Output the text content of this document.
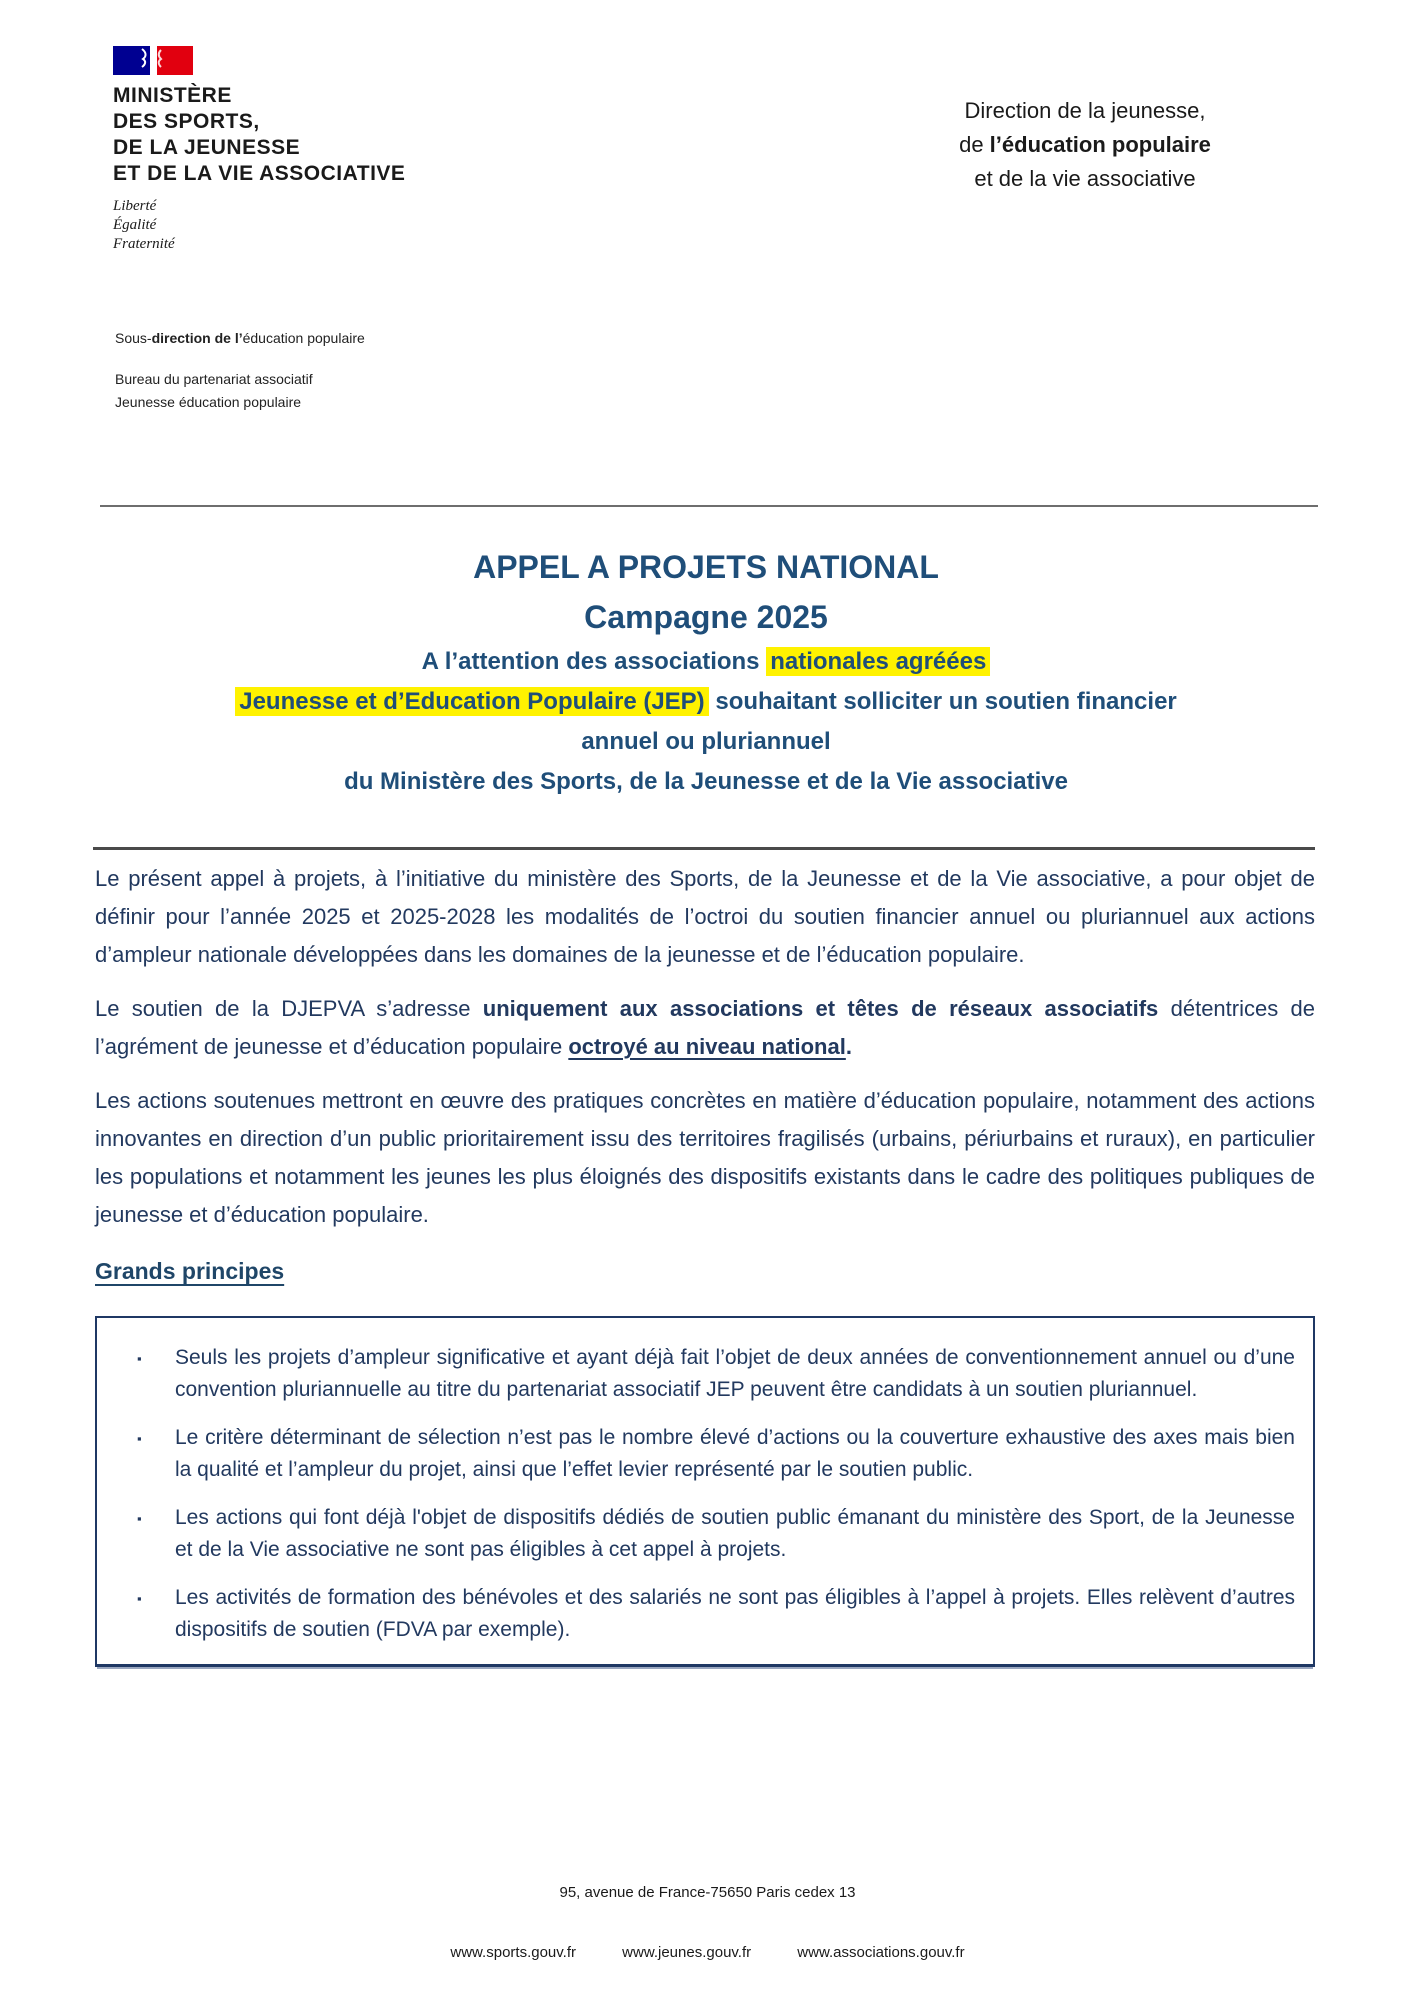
MINISTÈRE
DES SPORTS,
DE LA JEUNESSE
ET DE LA VIE ASSOCIATIVE
Liberté
Égalité
Fraternité
Direction de la jeunesse,
de l’éducation populaire
et de la vie associative
Sous-direction de l’éducation populaire
Bureau du partenariat associatif
Jeunesse éducation populaire
APPEL A PROJETS NATIONAL
Campagne 2025
A l’attention des associations nationales agréées
Jeunesse et d’Education Populaire (JEP) souhaitant solliciter un soutien financier
annuel ou pluriannuel
du Ministère des Sports, de la Jeunesse et de la Vie associative

Le présent appel à projets, à l’initiative du ministère des Sports, de la Jeunesse et de la Vie associative, a pour objet de définir pour l’année 2025 et 2025-2028 les modalités de l’octroi du soutien financier annuel ou pluriannuel aux actions d’ampleur nationale développées dans les domaines de la jeunesse et de l’éducation populaire.

Le soutien de la DJEPVA s’adresse uniquement aux associations et têtes de réseaux associatifs détentrices de l’agrément de jeunesse et d’éducation populaire octroyé au niveau national.

Les actions soutenues mettront en œuvre des pratiques concrètes en matière d’éducation populaire, notamment des actions innovantes en direction d’un public prioritairement issu des territoires fragilisés (urbains, périurbains et ruraux), en particulier les populations et notamment les jeunes les plus éloignés des dispositifs existants dans le cadre des politiques publiques de jeunesse et d’éducation populaire.

Grands principes
▪	Seuls les projets d’ampleur significative et ayant déjà fait l’objet de deux années de conventionnement annuel ou d’une convention pluriannuelle au titre du partenariat associatif JEP peuvent être candidats à un soutien pluriannuel.
▪	Le critère déterminant de sélection n’est pas le nombre élevé d’actions ou la couverture exhaustive des axes mais bien la qualité et l’ampleur du projet, ainsi que l’effet levier représenté par le soutien public.
▪	Les actions qui font déjà l'objet de dispositifs dédiés de soutien public émanant du ministère des Sport, de la Jeunesse et de la Vie associative ne sont pas éligibles à cet appel à projets.
▪	Les activités de formation des bénévoles et des salariés ne sont pas éligibles à l’appel à projets. Elles relèvent d’autres dispositifs de soutien (FDVA par exemple).
95, avenue de France-75650 Paris cedex 13
www.sports.gouv.fr	www.jeunes.gouv.fr	www.associations.gouv.fr
